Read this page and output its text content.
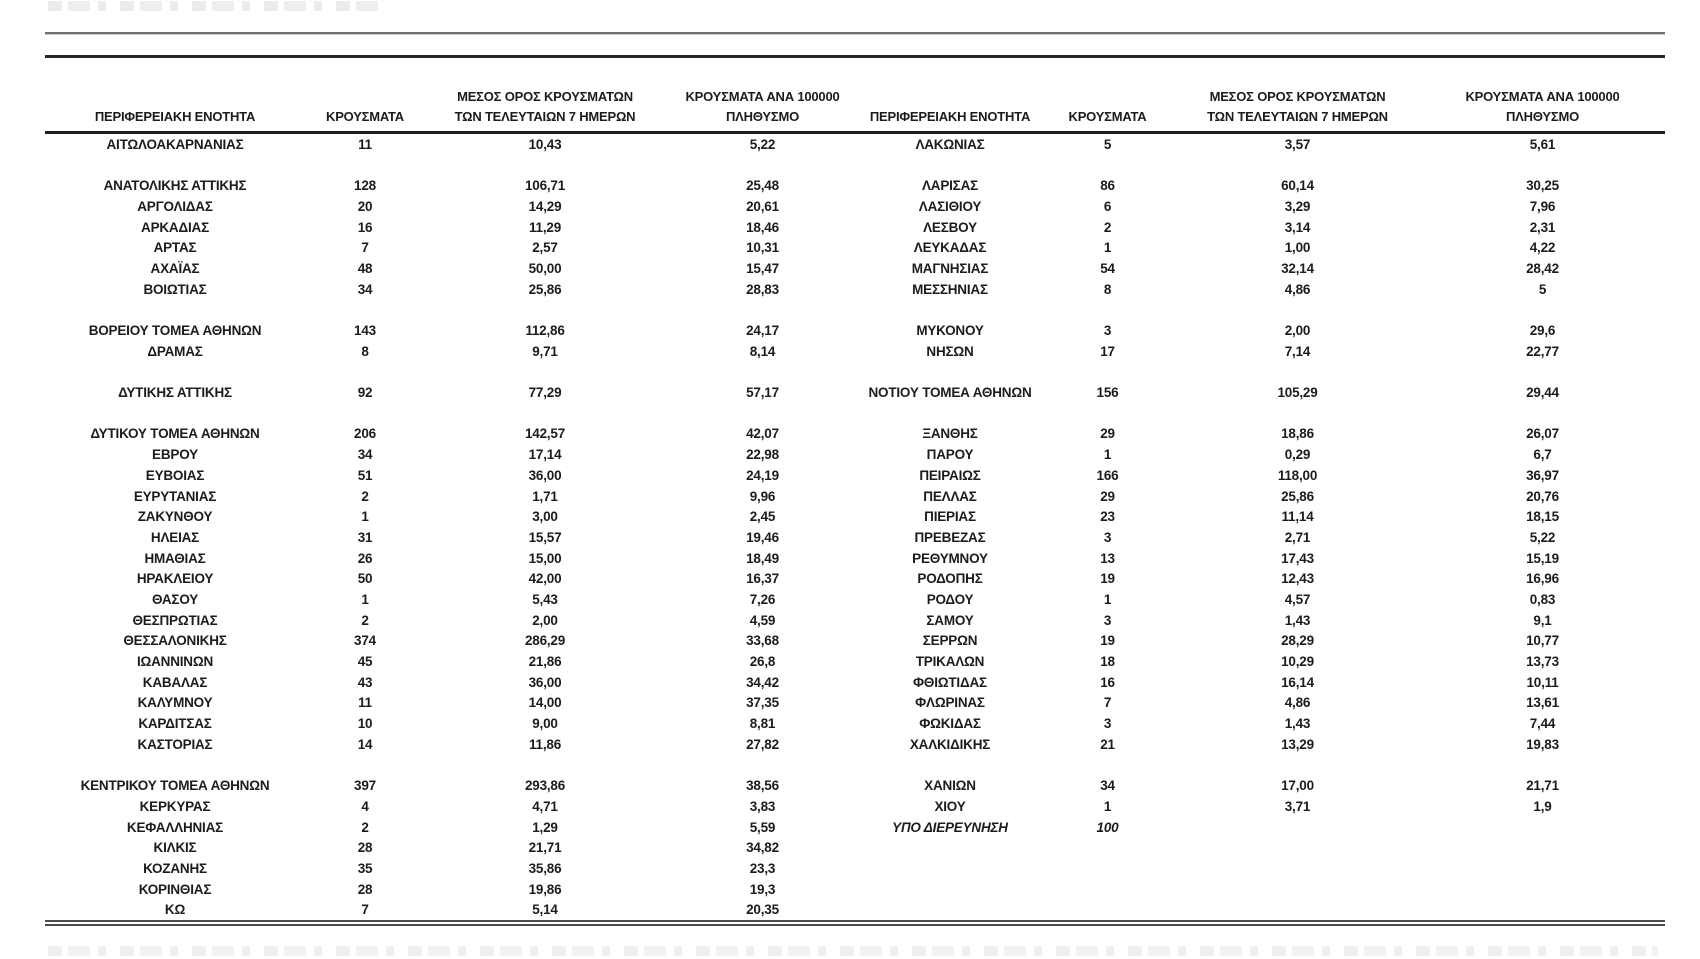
ΠΕΡΙΦΕΡΕΙΑΚΗ ΕΝΟΤΗΤΑ	ΚΡΟΥΣΜΑΤΑ	ΜΕΣΟΣ ΟΡΟΣ ΚΡΟΥΣΜΑΤΩΝ ΤΩΝ ΤΕΛΕΥΤΑΙΩΝ 7 ΗΜΕΡΩΝ	ΚΡΟΥΣΜΑΤΑ ΑΝΑ 100000 ΠΛΗΘΥΣΜΟ	ΠΕΡΙΦΕΡΕΙΑΚΗ ΕΝΟΤΗΤΑ	ΚΡΟΥΣΜΑΤΑ	ΜΕΣΟΣ ΟΡΟΣ ΚΡΟΥΣΜΑΤΩΝ ΤΩΝ ΤΕΛΕΥΤΑΙΩΝ 7 ΗΜΕΡΩΝ	ΚΡΟΥΣΜΑΤΑ ΑΝΑ 100000 ΠΛΗΘΥΣΜΟ
ΑΙΤΩΛΟΑΚΑΡΝΑΝΙΑΣ	11	10,43	5,22	ΛΑΚΩΝΙΑΣ	5	3,57	5,61

ΑΝΑΤΟΛΙΚΗΣ ΑΤΤΙΚΗΣ	128	106,71	25,48	ΛΑΡΙΣΑΣ	86	60,14	30,25
ΑΡΓΟΛΙΔΑΣ	20	14,29	20,61	ΛΑΣΙΘΙΟΥ	6	3,29	7,96
ΑΡΚΑΔΙΑΣ	16	11,29	18,46	ΛΕΣΒΟΥ	2	3,14	2,31
ΑΡΤΑΣ	7	2,57	10,31	ΛΕΥΚΑΔΑΣ	1	1,00	4,22
ΑΧΑΪΑΣ	48	50,00	15,47	ΜΑΓΝΗΣΙΑΣ	54	32,14	28,42
ΒΟΙΩΤΙΑΣ	34	25,86	28,83	ΜΕΣΣΗΝΙΑΣ	8	4,86	5

ΒΟΡΕΙΟΥ ΤΟΜΕΑ ΑΘΗΝΩΝ	143	112,86	24,17	ΜΥΚΟΝΟΥ	3	2,00	29,6
ΔΡΑΜΑΣ	8	9,71	8,14	ΝΗΣΩΝ	17	7,14	22,77

ΔΥΤΙΚΗΣ ΑΤΤΙΚΗΣ	92	77,29	57,17	ΝΟΤΙΟΥ ΤΟΜΕΑ ΑΘΗΝΩΝ	156	105,29	29,44

ΔΥΤΙΚΟΥ ΤΟΜΕΑ ΑΘΗΝΩΝ	206	142,57	42,07	ΞΑΝΘΗΣ	29	18,86	26,07
ΕΒΡΟΥ	34	17,14	22,98	ΠΑΡΟΥ	1	0,29	6,7
ΕΥΒΟΙΑΣ	51	36,00	24,19	ΠΕΙΡΑΙΩΣ	166	118,00	36,97
ΕΥΡΥΤΑΝΙΑΣ	2	1,71	9,96	ΠΕΛΛΑΣ	29	25,86	20,76
ΖΑΚΥΝΘΟΥ	1	3,00	2,45	ΠΙΕΡΙΑΣ	23	11,14	18,15
ΗΛΕΙΑΣ	31	15,57	19,46	ΠΡΕΒΕΖΑΣ	3	2,71	5,22
ΗΜΑΘΙΑΣ	26	15,00	18,49	ΡΕΘΥΜΝΟΥ	13	17,43	15,19
ΗΡΑΚΛΕΙΟΥ	50	42,00	16,37	ΡΟΔΟΠΗΣ	19	12,43	16,96
ΘΑΣΟΥ	1	5,43	7,26	ΡΟΔΟΥ	1	4,57	0,83
ΘΕΣΠΡΩΤΙΑΣ	2	2,00	4,59	ΣΑΜΟΥ	3	1,43	9,1
ΘΕΣΣΑΛΟΝΙΚΗΣ	374	286,29	33,68	ΣΕΡΡΩΝ	19	28,29	10,77
ΙΩΑΝΝΙΝΩΝ	45	21,86	26,8	ΤΡΙΚΑΛΩΝ	18	10,29	13,73
ΚΑΒΑΛΑΣ	43	36,00	34,42	ΦΘΙΩΤΙΔΑΣ	16	16,14	10,11
ΚΑΛΥΜΝΟΥ	11	14,00	37,35	ΦΛΩΡΙΝΑΣ	7	4,86	13,61
ΚΑΡΔΙΤΣΑΣ	10	9,00	8,81	ΦΩΚΙΔΑΣ	3	1,43	7,44
ΚΑΣΤΟΡΙΑΣ	14	11,86	27,82	ΧΑΛΚΙΔΙΚΗΣ	21	13,29	19,83

ΚΕΝΤΡΙΚΟΥ ΤΟΜΕΑ ΑΘΗΝΩΝ	397	293,86	38,56	ΧΑΝΙΩΝ	34	17,00	21,71
ΚΕΡΚΥΡΑΣ	4	4,71	3,83	ΧΙΟΥ	1	3,71	1,9
ΚΕΦΑΛΛΗΝΙΑΣ	2	1,29	5,59	ΥΠΟ ΔΙΕΡΕΥΝΗΣΗ	100		
ΚΙΛΚΙΣ	28	21,71	34,82				
ΚΟΖΑΝΗΣ	35	35,86	23,3				
ΚΟΡΙΝΘΙΑΣ	28	19,86	19,3				
ΚΩ	7	5,14	20,35				
